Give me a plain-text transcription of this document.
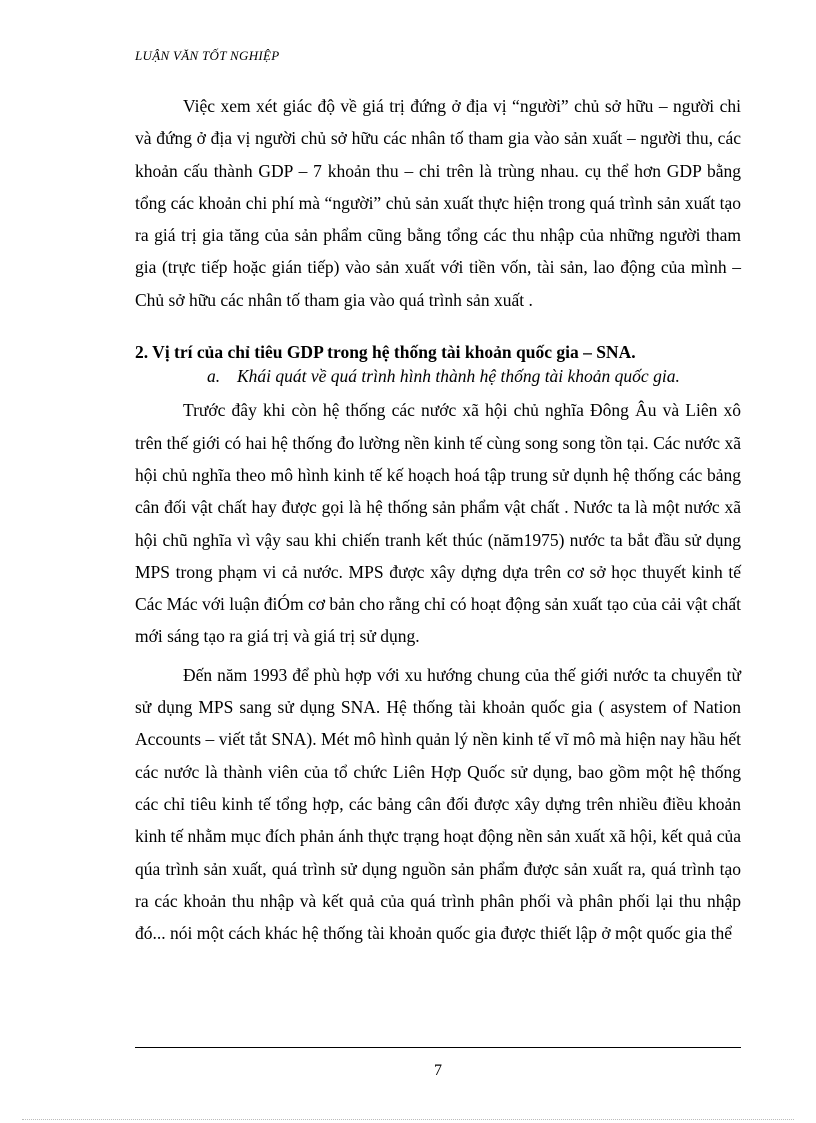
LUẬN VĂN TỐT NGHIỆP

Việc xem xét giác độ về giá trị đứng ở địa vị “người” chủ sở hữu – người chi và đứng ở địa vị người chủ sở hữu các nhân tố tham gia vào sản xuất – người thu, các khoản cấu thành GDP – 7 khoản thu – chi trên là trùng nhau. cụ thể hơn GDP bằng tổng các khoản chi phí mà “người” chủ sản xuất thực hiện trong quá trình sản xuất tạo ra giá trị gia tăng của sản phẩm cũng bằng tổng các thu nhập của những người tham gia (trực tiếp hoặc gián tiếp) vào sản xuất với tiền vốn, tài sản, lao động của mình – Chủ sở hữu các nhân tố tham gia vào quá trình sản xuất .

2. Vị trí của chỉ tiêu GDP trong hệ thống tài khoản quốc gia – SNA.

a. Khái quát về quá trình hình thành hệ thống tài khoản quốc gia.

Trước đây khi còn hệ thống các nước xã hội chủ nghĩa Đông Âu và Liên xô trên thế giới có hai hệ thống đo lường nền kinh tế cùng song song tồn tại. Các nước xã hội chủ nghĩa theo mô hình kinh tế kế hoạch hoá tập trung sử dụnh hệ thống các bảng cân đối vật chất hay được gọi là hệ thống sản phẩm vật chất . Nước ta là một nước xã hội chũ nghĩa vì vậy sau khi chiến tranh kết thúc (năm1975) nước ta bắt đầu sử dụng MPS trong phạm vi cả nước. MPS được xây dựng dựa trên cơ sở học thuyết kinh tế Các Mác với luận điÓm cơ bản cho rằng chỉ có hoạt động sản xuất tạo của cải vật chất mới sáng tạo ra giá trị và giá trị sử dụng.

Đến năm 1993 để phù hợp với xu hướng chung của thế giới nước ta chuyển từ sử dụng MPS sang sử dụng SNA. Hệ thống tài khoản quốc gia ( asystem of Nation Accounts – viết tắt SNA). Mét mô hình quản lý nền kinh tế vĩ mô mà hiện nay hầu hết các nước là thành viên của tổ chức Liên Hợp Quốc sử dụng, bao gồm một hệ thống các chỉ tiêu kinh tế tổng hợp, các bảng cân đối được xây dựng trên nhiều điều khoản kinh tế nhằm mục đích phản ánh thực trạng hoạt động nền sản xuất xã hội, kết quả của qúa trình sản xuất, quá trình sử dụng nguồn sản phẩm được sản xuất ra, quá trình tạo ra các khoản thu nhập và kết quả của quá trình phân phối và phân phối lại thu nhập đó... nói một cách khác hệ thống tài khoản quốc gia được thiết lập ở một quốc gia thể

7
